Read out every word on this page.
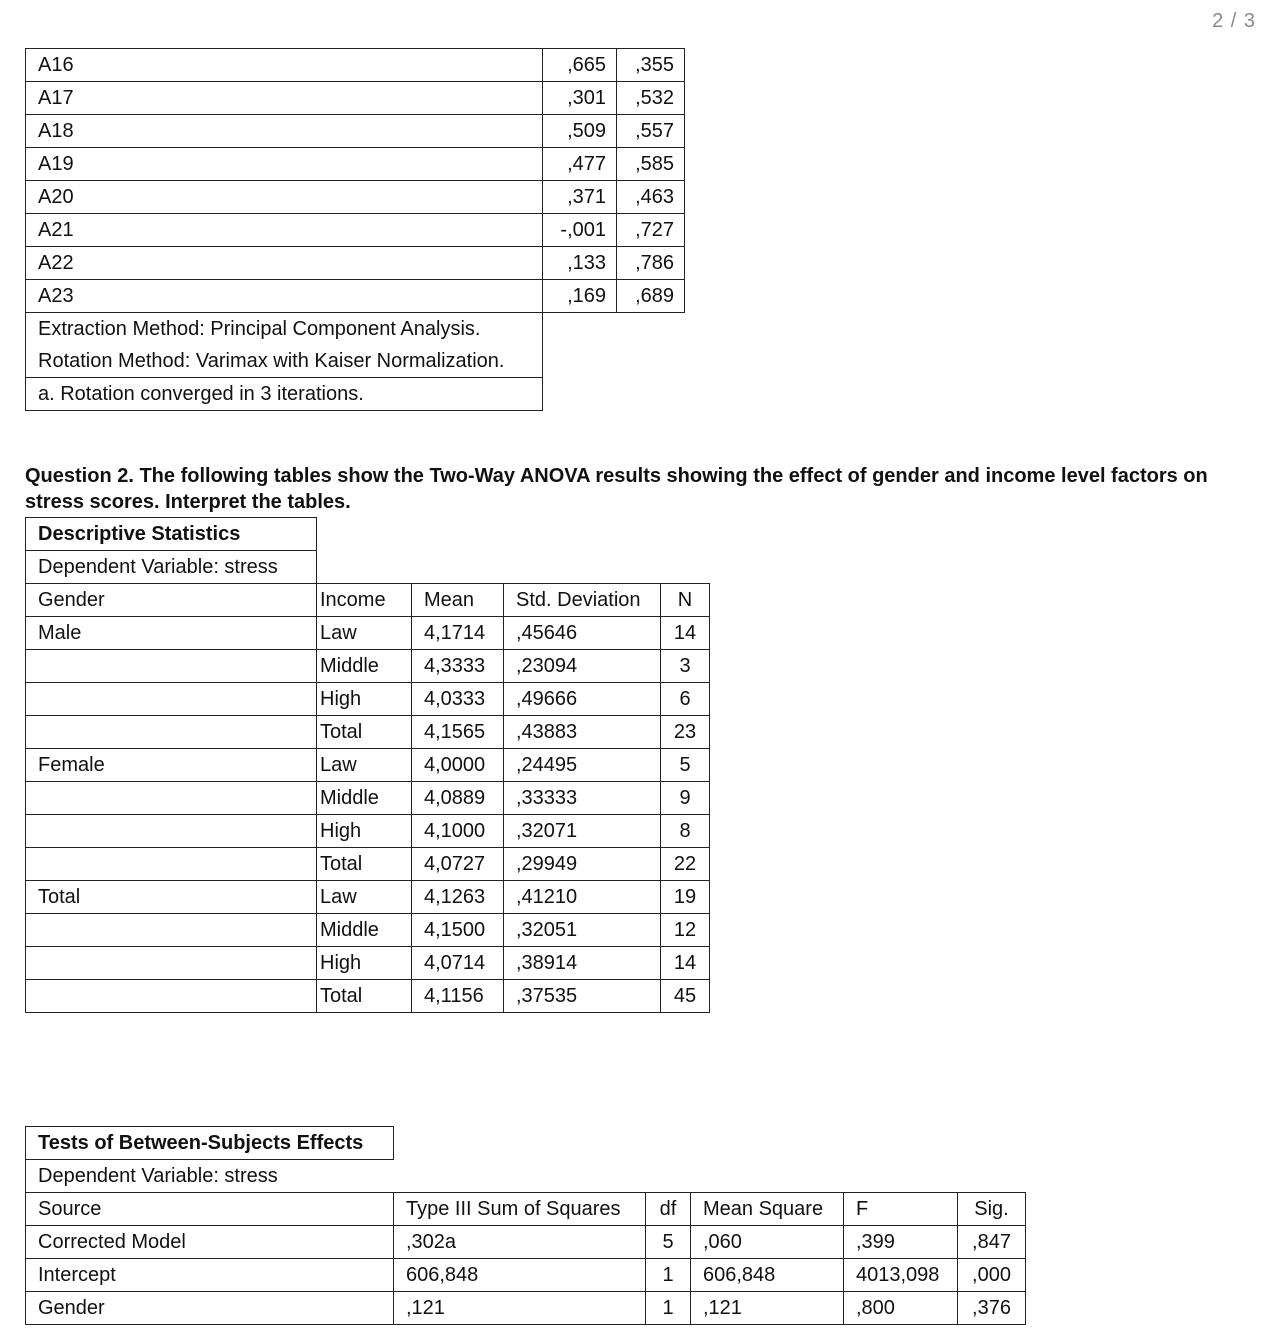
2 / 3
A16	,665	,355
A17	,301	,532
A18	,509	,557
A19	,477	,585
A20	,371	,463
A21	-,001	,727
A22	,133	,786
A23	,169	,689
Extraction Method: Principal Component Analysis.		
Rotation Method: Varimax with Kaiser Normalization.		
a. Rotation converged in 3 iterations.		
Question 2. The following tables show the Two-Way ANOVA results showing the effect of gender and income level factors on stress scores. Interpret the tables.
Descriptive Statistics				
Dependent Variable: stress				
Gender	Income	Mean	Std. Deviation	N
Male	Law	4,1714	,45646	14
	Middle	4,3333	,23094	3
	High	4,0333	,49666	6
	Total	4,1565	,43883	23
Female	Law	4,0000	,24495	5
	Middle	4,0889	,33333	9
	High	4,1000	,32071	8
	Total	4,0727	,29949	22
Total	Law	4,1263	,41210	19
	Middle	4,1500	,32051	12
	High	4,0714	,38914	14
	Total	4,1156	,37535	45
Tests of Between-Subjects Effects					
Dependent Variable: stress					
Source	Type III Sum of Squares	df	Mean Square	F	Sig.
Corrected Model	,302a	5	,060	,399	,847
Intercept	606,848	1	606,848	4013,098	,000
Gender	,121	1	,121	,800	,376
